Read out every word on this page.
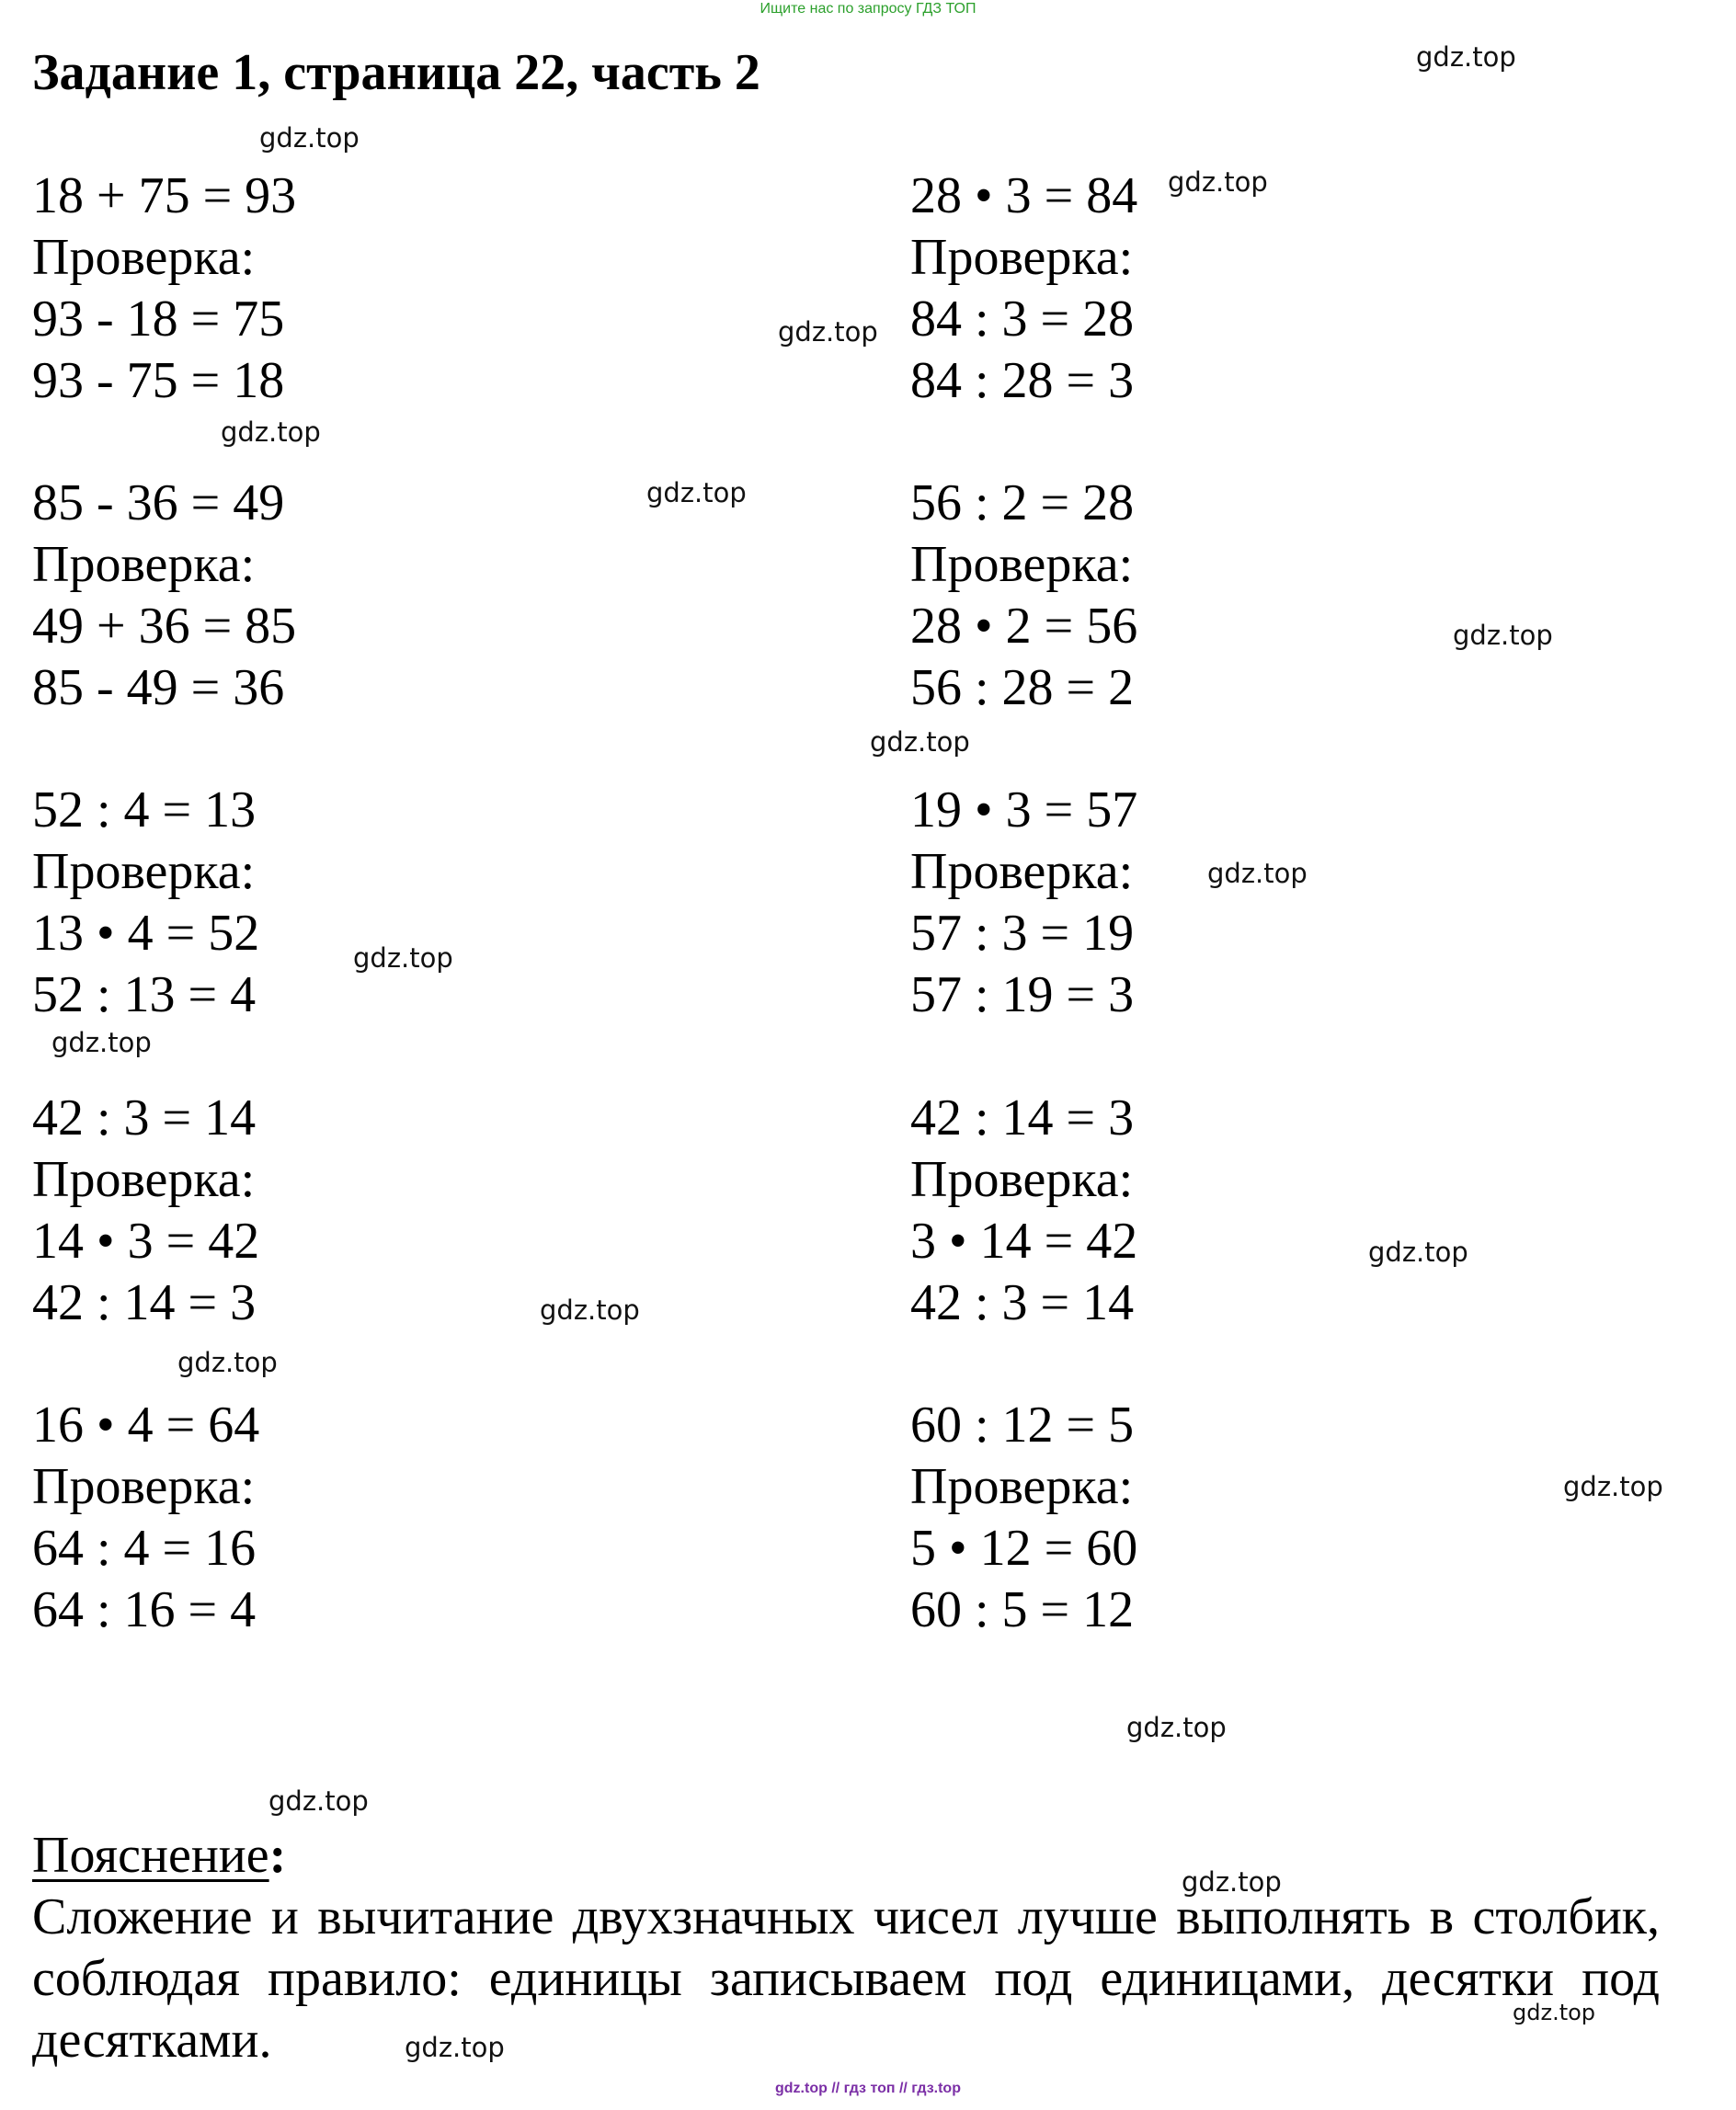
Ищите нас по запросу ГДЗ ТОП
Задание 1, страница 22, часть 2
18 + 75 = 93
Проверка:
93 - 18 = 75
93 - 75 = 18
28 • 3 = 84
Проверка:
84 : 3 = 28
84 : 28 = 3
85 - 36 = 49
Проверка:
49 + 36 = 85
85 - 49 = 36
56 : 2 = 28
Проверка:
28 • 2 = 56
56 : 28 = 2
52 : 4 = 13
Проверка:
13 • 4 = 52
52 : 13 = 4
19 • 3 = 57
Проверка:
57 : 3 = 19
57 : 19 = 3
42 : 3 = 14
Проверка:
14 • 3 = 42
42 : 14 = 3
42 : 14 = 3
Проверка:
3 • 14 = 42
42 : 3 = 14
16 • 4 = 64
Проверка:
64 : 4 = 16
64 : 16 = 4
60 : 12 = 5
Проверка:
5 • 12 = 60
60 : 5 = 12
Пояснение:

Сложение и вычитание двухзначных чисел лучше выполнять в столбик, соблюдая правило: единицы записываем под единицами, десятки под десятками.

gdz.top
gdz.top
gdz.top
gdz.top
gdz.top
gdz.top
gdz.top
gdz.top
gdz.top
gdz.top
gdz.top
gdz.top
gdz.top
gdz.top
gdz.top
gdz.top
gdz.top
gdz.top
gdz.top
gdz.top
gdz.top // гдз топ // гдз.top
